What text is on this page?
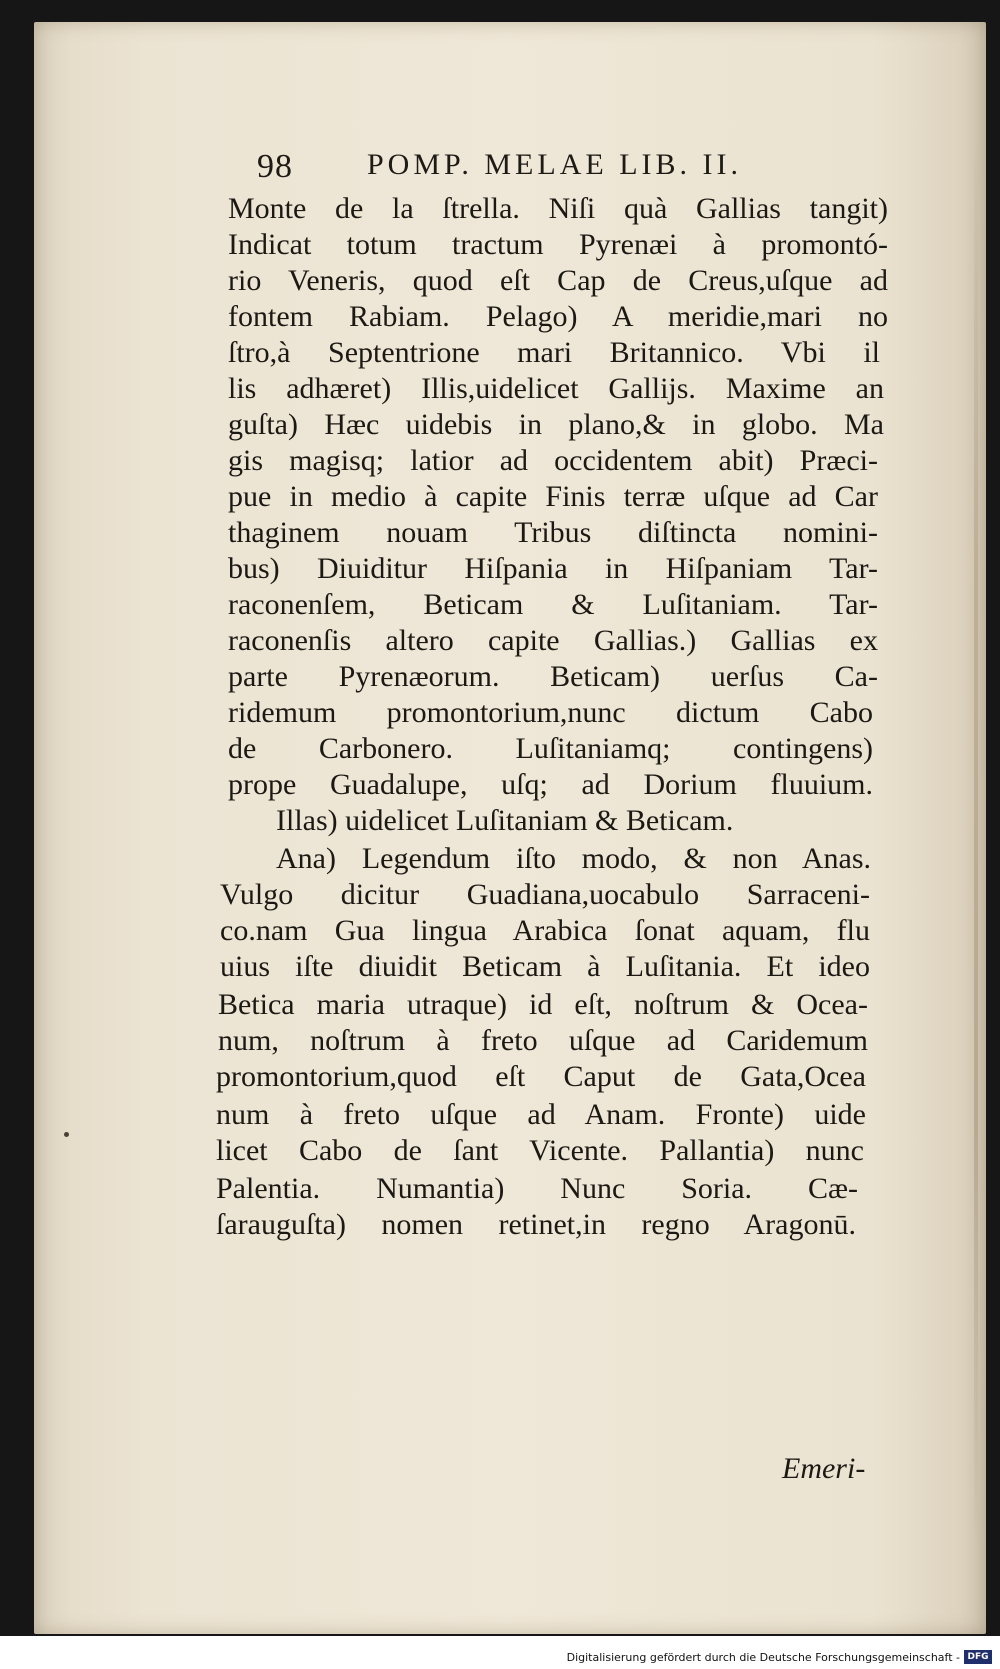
98 POMP. MELAE LIB. II.
Monte de la ſtrella. Niſi quà Gallias tangit)
Indicat totum tractum Pyrenæi à promontó-
rio Veneris, quod eſt Cap de Creus,uſque ad
fontem Rabiam. Pelago) A meridie,mari no
ſtro,à Septentrione mari Britannico. Vbi il
lis adhæret) Illis,uidelicet Gallijs. Maxime an
guſta) Hæc uidebis in plano,& in globo. Ma
gis magisq; latior ad occidentem abit) Præci-
pue in medio à capite Finis terræ uſque ad Car
thaginem nouam Tribus diſtincta nomini-
bus) Diuiditur Hiſpania in Hiſpaniam Tar-
raconenſem, Beticam & Luſitaniam. Tar-
raconenſis altero capite Gallias.) Gallias ex
parte Pyrenæorum. Beticam) uerſus Ca-
ridemum promontorium,nunc dictum Cabo
de Carbonero. Luſitaniamq; contingens)
prope Guadalupe, uſq; ad Dorium fluuium.
Illas) uidelicet Luſitaniam & Beticam.
Ana) Legendum iſto modo, & non Anas.
Vulgo dicitur Guadiana,uocabulo Sarraceni-
co.nam Gua lingua Arabica ſonat aquam, flu
uius iſte diuidit Beticam à Luſitania. Et ideo
Betica maria utraque) id eſt, noſtrum & Ocea-
num, noſtrum à freto uſque ad Caridemum
promontorium,quod eſt Caput de Gata,Ocea
num à freto uſque ad Anam. Fronte) uide
licet Cabo de ſant Vicente. Pallantia) nunc
Palentia. Numantia) Nunc Soria. Cæ-
ſarauguſta) nomen retinet,in regno Aragonū.
Emeri-
Digitalisierung gefördert durch die Deutsche Forschungsgemeinschaft - DFG
